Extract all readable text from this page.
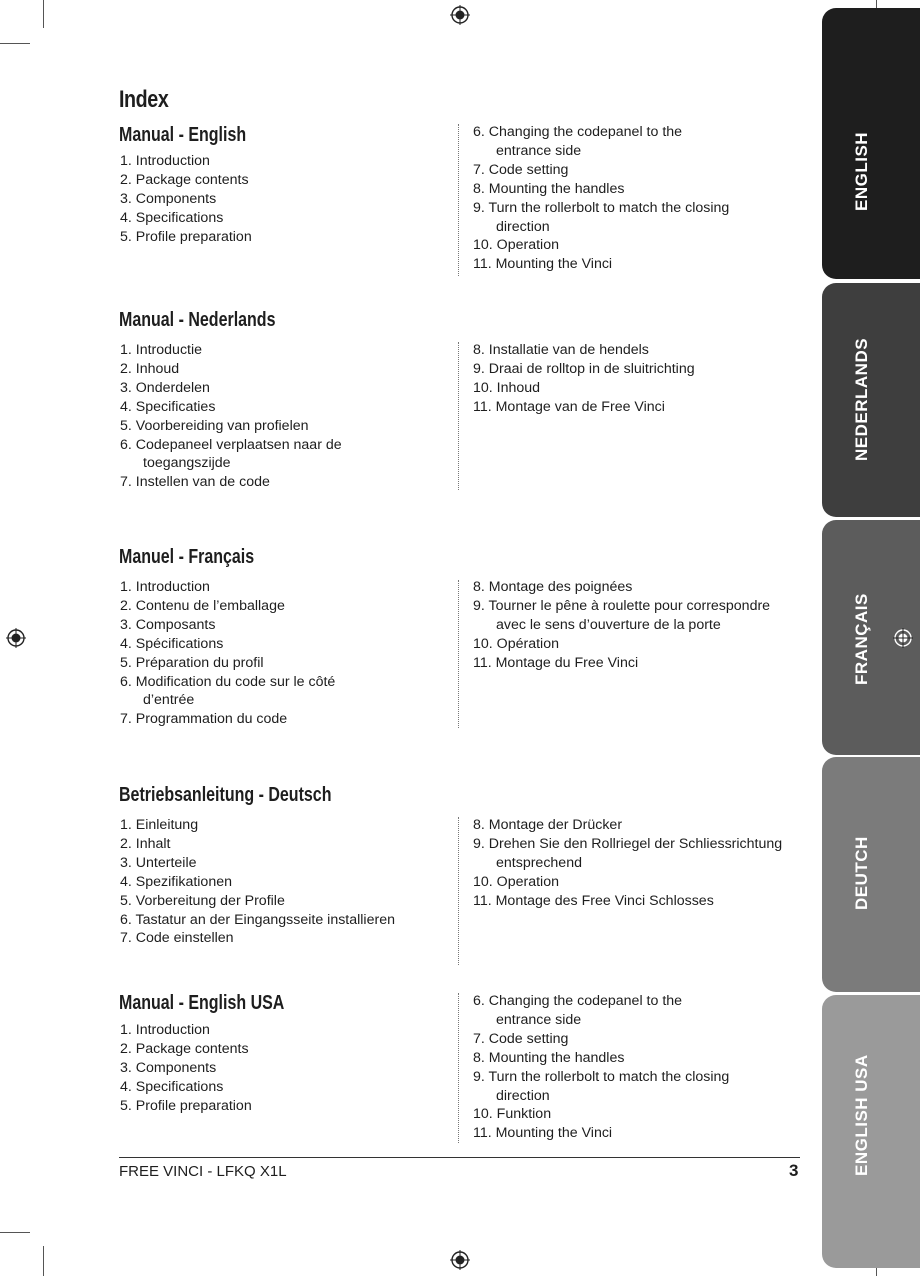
ENGLISH
NEDERLANDS
FRANÇAIS
DEUTCH
ENGLISH USA
Index
Manual - English
1. Introduction
2. Package contents
3. Components
4. Specifications
5. Profile preparation
6. Changing the codepanel to the
entrance side
7. Code setting
8. Mounting the handles
9. Turn the rollerbolt to match the closing
direction
10. Operation
11. Mounting the Vinci
Manual - Nederlands
1. Introductie
2. Inhoud
3. Onderdelen
4. Specificaties
5. Voorbereiding van profielen
6. Codepaneel verplaatsen naar de
toegangszijde
7. Instellen van de code
8. Installatie van de hendels
9. Draai de rolltop in de sluitrichting
10. Inhoud
11. Montage van de Free Vinci
Manuel - Français
1. Introduction
2. Contenu de l’emballage
3. Composants
4. Spécifications
5. Préparation du profil
6. Modification du code sur le côté
d’entrée
7. Programmation du code
8. Montage des poignées
9. Tourner le pêne à roulette pour correspondre
avec le sens d’ouverture de la porte
10. Opération
11. Montage du Free Vinci
Betriebsanleitung - Deutsch
1. Einleitung
2. Inhalt
3. Unterteile
4. Spezifikationen
5. Vorbereitung der Profile
6. Tastatur an der Eingangsseite installieren
7. Code einstellen
8. Montage der Drücker
9. Drehen Sie den Rollriegel der Schliessrichtung
entsprechend
10. Operation
11. Montage des Free Vinci Schlosses
Manual - English USA
1. Introduction
2. Package contents
3. Components
4. Specifications
5. Profile preparation
6. Changing the codepanel to the
entrance side
7. Code setting
8. Mounting the handles
9. Turn the rollerbolt to match the closing
direction
10. Funktion
11. Mounting the Vinci
FREE VINCI - LFKQ X1L	3
